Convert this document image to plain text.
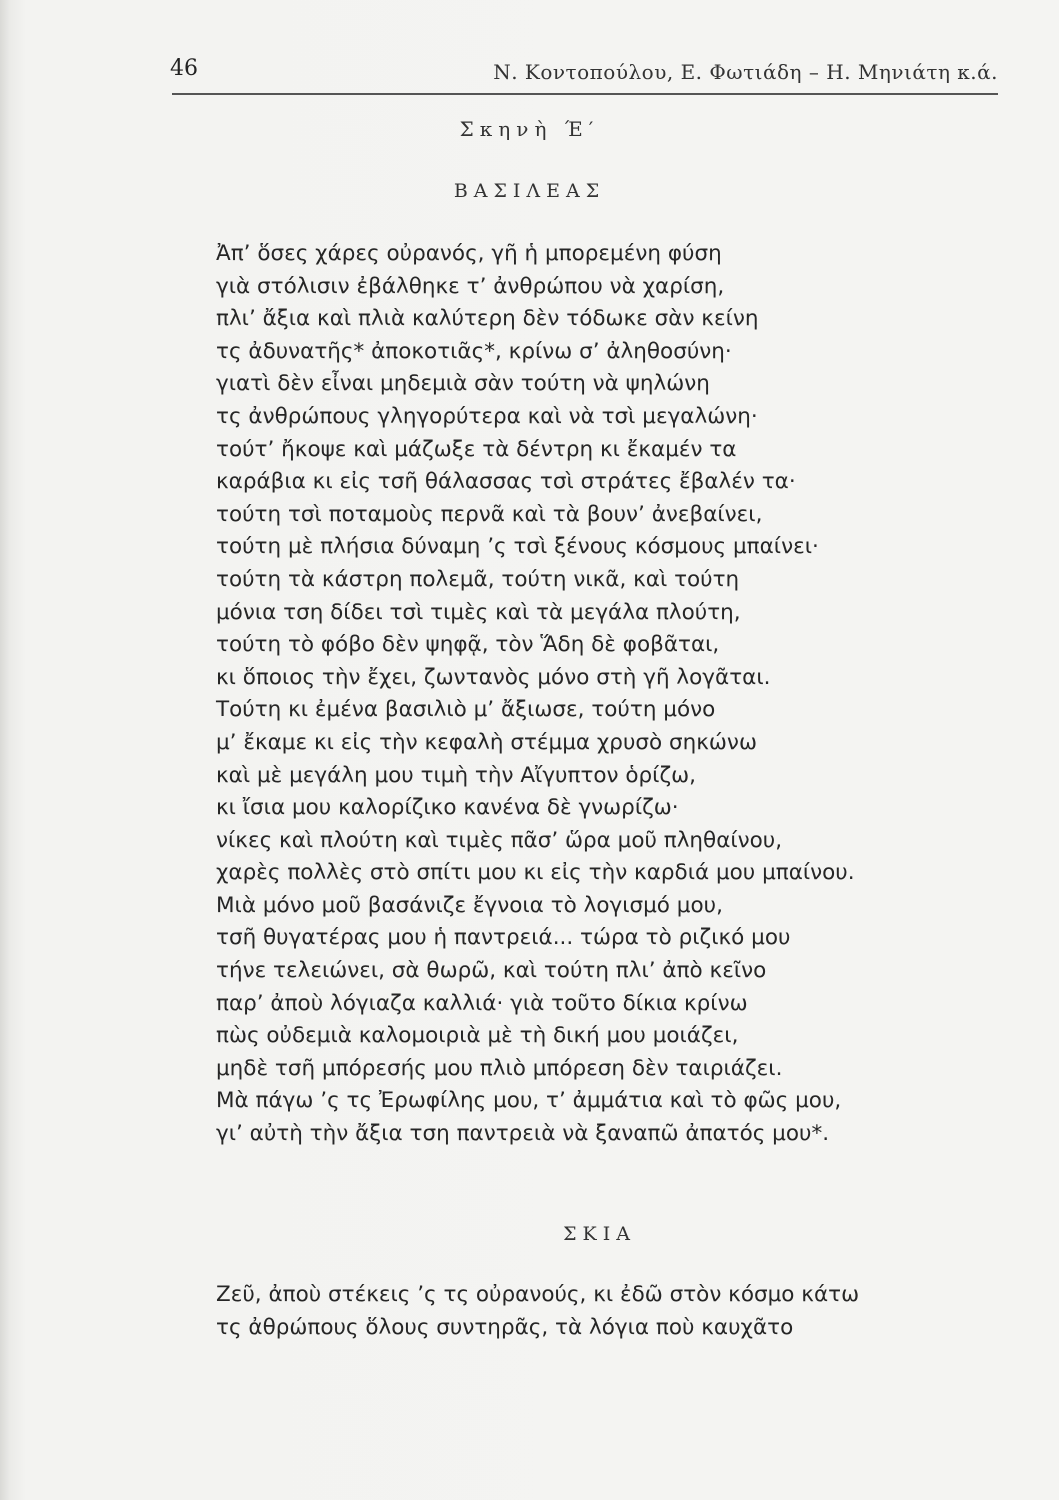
46	Ν. Κοντοπούλου, Ε. Φωτιάδη – Η. Μηνιάτη κ.ά.
Σκηνὴ Έ′
ΒΑΣΙΛΕΑΣ
Ἀπ’ ὅσες χάρες οὐρανός, γῆ ἡ μπορεμένη φύση
γιὰ στόλισιν ἐβάλθηκε τ’ ἀνθρώπου νὰ χαρίση,
πλι’ ἄξια καὶ πλιὰ καλύτερη δὲν τόδωκε σὰν κείνη
τς ἀδυνατῆς* ἀποκοτιᾶς*, κρίνω σ’ ἀληθοσύνη·
γιατὶ δὲν εἶναι μηδεμιὰ σὰν τούτη νὰ ψηλώνη
τς ἀνθρώπους γληγορύτερα καὶ νὰ τσὶ μεγαλώνη·
τούτ’ ἤκοψε καὶ μάζωξε τὰ δέντρη κι ἔκαμέν τα
καράβια κι εἰς τσῆ θάλασσας τσὶ στράτες ἔβαλέν τα·
τούτη τσὶ ποταμοὺς περνᾶ καὶ τὰ βουν’ ἀνεβαίνει,
τούτη μὲ πλήσια δύναμη ’ς τσὶ ξένους κόσμους μπαίνει·
τούτη τὰ κάστρη πολεμᾶ, τούτη νικᾶ, καὶ τούτη
μόνια τση δίδει τσὶ τιμὲς καὶ τὰ μεγάλα πλούτη,
τούτη τὸ φόβο δὲν ψηφᾷ, τὸν Ἅδη δὲ φοβᾶται,
κι ὅποιος τὴν ἔχει, ζωντανὸς μόνο στὴ γῆ λογᾶται.
Τούτη κι ἐμένα βασιλιὸ μ’ ἄξιωσε, τούτη μόνο
μ’ ἔκαμε κι εἰς τὴν κεφαλὴ στέμμα χρυσὸ σηκώνω
καὶ μὲ μεγάλη μου τιμὴ τὴν Αἴγυπτον ὁρίζω,
κι ἴσια μου καλορίζικο κανένα δὲ γνωρίζω·
νίκες καὶ πλούτη καὶ τιμὲς πᾶσ’ ὥρα μοῦ πληθαίνου,
χαρὲς πολλὲς στὸ σπίτι μου κι εἰς τὴν καρδιά μου μπαίνου.
Μιὰ μόνο μοῦ βασάνιζε ἔγνοια τὸ λογισμό μου,
τσῆ θυγατέρας μου ἡ παντρειά... τώρα τὸ ριζικό μου
τήνε τελειώνει, σὰ θωρῶ, καὶ τούτη πλι’ ἀπὸ κεῖνο
παρ’ ἀποὺ λόγιαζα καλλιά· γιὰ τοῦτο δίκια κρίνω
πὼς οὐδεμιὰ καλομοιριὰ μὲ τὴ δική μου μοιάζει,
μηδὲ τσῆ μπόρεσής μου πλιὸ μπόρεση δὲν ταιριάζει.
Μὰ πάγω ’ς τς Ἐρωφίλης μου, τ’ ἀμμάτια καὶ τὸ φῶς μου,
γι’ αὐτὴ τὴν ἄξια τση παντρειὰ νὰ ξαναπῶ ἀπατός μου*.
ΣΚΙΑ
Ζεῦ, ἀποὺ στέκεις ’ς τς οὐρανούς, κι ἐδῶ στὸν κόσμο κάτω
τς ἀθρώπους ὅλους συντηρᾶς, τὰ λόγια ποὺ καυχᾶτο
